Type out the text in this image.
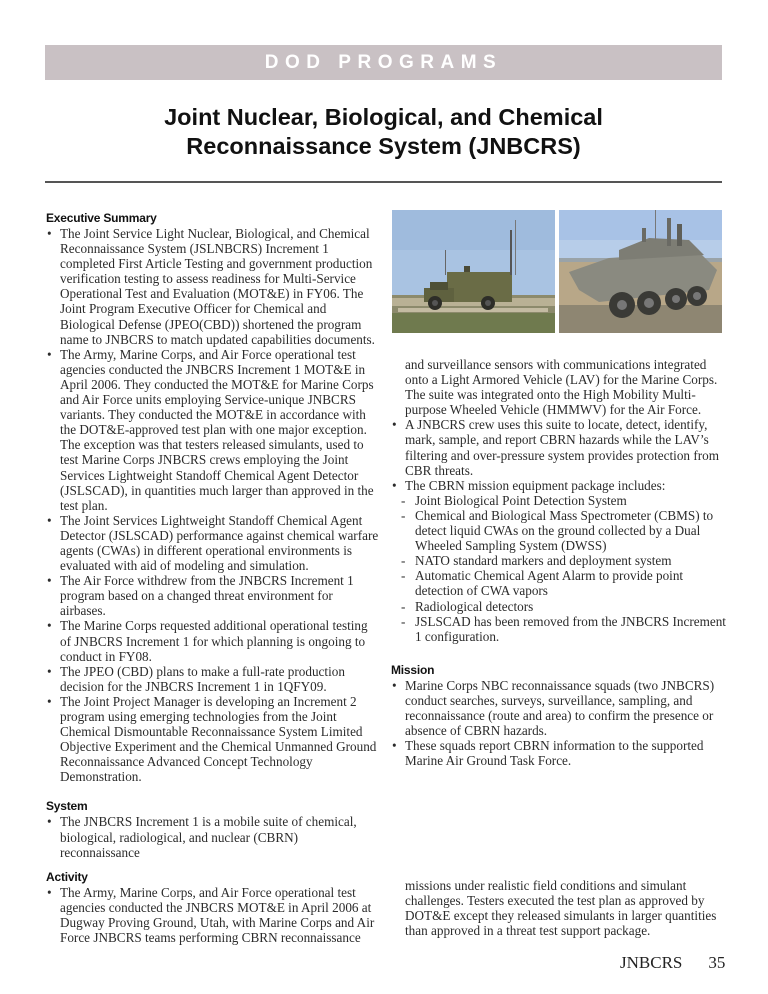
DOD PROGRAMS
Joint Nuclear, Biological, and Chemical
Reconnaissance System (JNBCRS)
Executive Summary
• The Joint Service Light Nuclear, Biological, and Chemical Reconnaissance System (JSLNBCRS) Increment 1 completed First Article Testing and government production verification testing to assess readiness for Multi-Service Operational Test and Evaluation (MOT&E) in FY06. The Joint Program Executive Officer for Chemical and Biological Defense (JPEO(CBD)) shortened the program name to JNBCRS to match updated capabilities documents.
• The Army, Marine Corps, and Air Force operational test agencies conducted the JNBCRS Increment 1 MOT&E in April 2006. They conducted the MOT&E for Marine Corps and Air Force units employing Service-unique JNBCRS variants. They conducted the MOT&E in accordance with the DOT&E-approved test plan with one major exception. The exception was that testers released simulants, used to test Marine Corps JNBCRS crews employing the Joint Services Lightweight Standoff Chemical Agent Detector (JSLSCAD), in quantities much larger than approved in the test plan.
• The Joint Services Lightweight Standoff Chemical Agent Detector (JSLSCAD) performance against chemical warfare agents (CWAs) in different operational environments is evaluated with aid of modeling and simulation.
• The Air Force withdrew from the JNBCRS Increment 1 program based on a changed threat environment for airbases.
• The Marine Corps requested additional operational testing of JNBCRS Increment 1 for which planning is ongoing to conduct in FY08.
• The JPEO (CBD) plans to make a full-rate production decision for the JNBCRS Increment 1 in 1QFY09.
• The Joint Project Manager is developing an Increment 2 program using emerging technologies from the Joint Chemical Dismountable Reconnaissance System Limited Objective Experiment and the Chemical Unmanned Ground Reconnaissance Advanced Concept Technology Demonstration.
System
• The JNBCRS Increment 1 is a mobile suite of chemical, biological, radiological, and nuclear (CBRN) reconnaissance
Activity
• The Army, Marine Corps, and Air Force operational test agencies conducted the JNBCRS MOT&E in April 2006 at Dugway Proving Ground, Utah, with Marine Corps and Air Force JNBCRS teams performing CBRN reconnaissance
and surveillance sensors with communications integrated onto a Light Armored Vehicle (LAV) for the Marine Corps. The suite was integrated onto the High Mobility Multi-purpose Wheeled Vehicle (HMMWV) for the Air Force.
• A JNBCRS crew uses this suite to locate, detect, identify, mark, sample, and report CBRN hazards while the LAV’s filtering and over-pressure system provides protection from CBR threats.
• The CBRN mission equipment package includes:
- Joint Biological Point Detection System
- Chemical and Biological Mass Spectrometer (CBMS) to detect liquid CWAs on the ground collected by a Dual Wheeled Sampling System (DWSS)
- NATO standard markers and deployment system
- Automatic Chemical Agent Alarm to provide point detection of CWA vapors
- Radiological detectors
- JSLSCAD has been removed from the JNBCRS Increment 1 configuration.
Mission
• Marine Corps NBC reconnaissance squads (two JNBCRS) conduct searches, surveys, surveillance, sampling, and reconnaissance (route and area) to confirm the presence or absence of CBRN hazards.
• These squads report CBRN information to the supported Marine Air Ground Task Force.
missions under realistic field conditions and simulant challenges. Testers executed the test plan as approved by DOT&E except they released simulants in larger quantities than approved in a threat test support package.
JNBCRS 35
